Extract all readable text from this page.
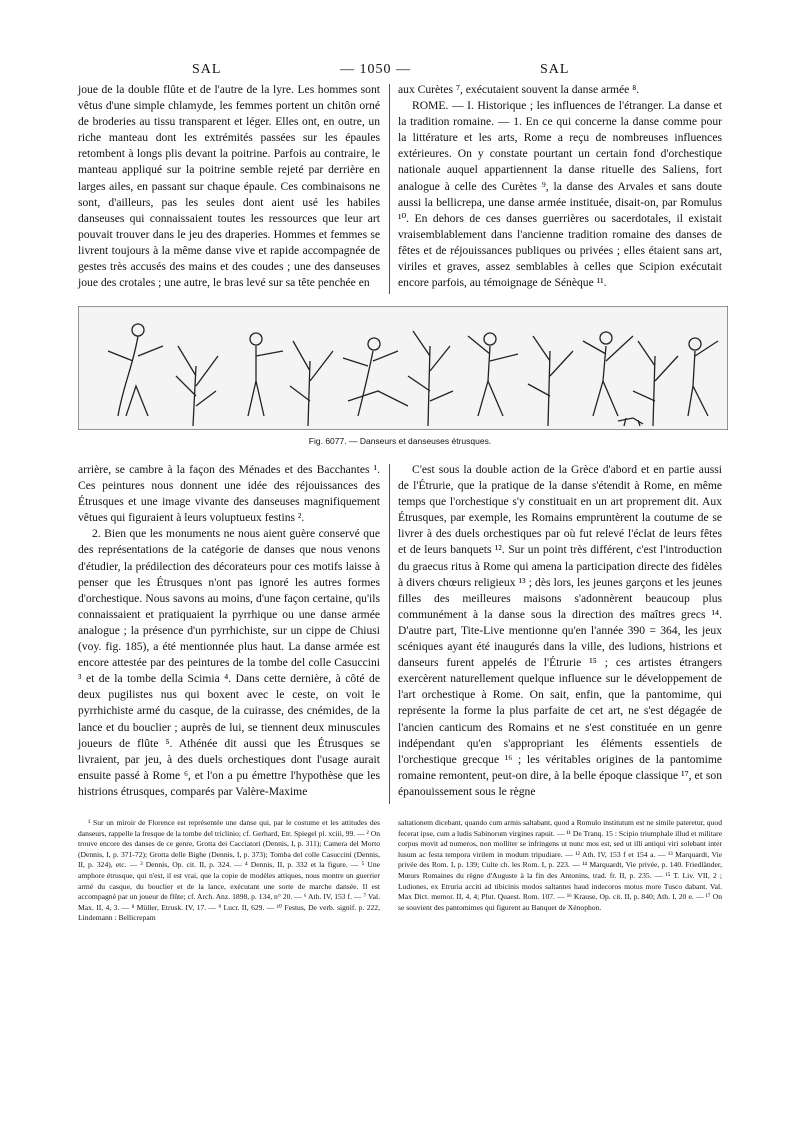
SAL	— 1050 —	SAL

joue de la double flûte et de l'autre de la lyre. Les hommes sont vêtus d'une simple chlamyde, les femmes portent un chitôn orné de broderies au tissu transparent et léger. Elles ont, en outre, un riche manteau dont les extrémités passées sur les épaules retombent à longs plis devant la poitrine. Parfois au contraire, le manteau appliqué sur la poitrine semble rejeté par derrière en larges ailes, en passant sur chaque épaule. Ces combinaisons ne sont, d'ailleurs, pas les seules dont aient usé les habiles danseuses qui connaissaient toutes les ressources que leur art pouvait trouver dans le jeu des draperies. Hommes et femmes se livrent toujours à la même danse vive et rapide accompagnée de gestes très accusés des mains et des coudes ; une des danseuses joue des crotales ; une autre, le bras levé sur sa tête penchée en

aux Curètes ⁷, exécutaient souvent la danse armée ⁸.

ROME. — I. Historique ; les influences de l'étranger. La danse et la tradition romaine. — 1. En ce qui concerne la danse comme pour la littérature et les arts, Rome a reçu de nombreuses influences extérieures. On y constate pourtant un certain fond d'orchestique nationale auquel appartiennent la danse rituelle des Saliens, fort analogue à celle des Curètes ⁹, la danse des Arvales et sans doute aussi la bellicrepa, une danse armée instituée, disait-on, par Romulus ¹⁰. En dehors de ces danses guerrières ou sacerdotales, il existait vraisemblablement dans l'ancienne tradition romaine des danses de fêtes et de réjouissances publiques ou privées ; elles étaient sans art, viriles et graves, assez semblables à celles que Scipion exécutait encore parfois, au témoignage de Sénèque ¹¹.

Fig. 6077. — Danseurs et danseuses étrusques.

arrière, se cambre à la façon des Ménades et des Bacchantes ¹. Ces peintures nous donnent une idée des réjouissances des Étrusques et une image vivante des danseuses magnifiquement vêtues qui figuraient à leurs voluptueux festins ².

2. Bien que les monuments ne nous aient guère conservé que des représentations de la catégorie de danses que nous venons d'étudier, la prédilection des décorateurs pour ces motifs laisse à penser que les Étrusques n'ont pas ignoré les autres formes d'orchestique. Nous savons au moins, d'une façon certaine, qu'ils connaissaient et pratiquaient la pyrrhique ou une danse armée analogue ; la présence d'un pyrrhichiste, sur un cippe de Chiusi (voy. fig. 185), a été mentionnée plus haut. La danse armée est encore attestée par des peintures de la tombe del colle Casuccini ³ et de la tombe della Scimia ⁴. Dans cette dernière, à côté de deux pugilistes nus qui boxent avec le ceste, on voit le pyrrhichiste armé du casque, de la cuirasse, des cnémides, de la lance et du bouclier ; auprès de lui, se tiennent deux minuscules joueurs de flûte ⁵. Athénée dit aussi que les Étrusques se livraient, par jeu, à des duels orchestiques dont l'usage aurait ensuite passé à Rome ⁶, et l'on a pu émettre l'hypothèse que les histrions étrusques, comparés par Valère-Maxime

C'est sous la double action de la Grèce d'abord et en partie aussi de l'Étrurie, que la pratique de la danse s'étendit à Rome, en même temps que l'orchestique s'y constituait en un art proprement dit. Aux Étrusques, par exemple, les Romains empruntèrent la coutume de se livrer à des duels orchestiques par où fut relevé l'éclat de leurs fêtes et de leurs banquets ¹². Sur un point très différent, c'est l'introduction du graecus ritus à Rome qui amena la participation directe des fidèles à divers chœurs religieux ¹³ ; dès lors, les jeunes garçons et les jeunes filles des meilleures maisons s'adonnèrent beaucoup plus communément à la danse sous la direction des maîtres grecs ¹⁴. D'autre part, Tite-Live mentionne qu'en l'année 390 = 364, les jeux scéniques ayant été inaugurés dans la ville, des ludions, histrions et danseurs furent appelés de l'Étrurie ¹⁵ ; ces artistes étrangers exercèrent naturellement quelque influence sur le développement de l'art orchestique à Rome. On sait, enfin, que la pantomime, qui représente la forme la plus parfaite de cet art, ne s'est dégagée de l'ancien canticum des Romains et ne s'est constituée en un genre indépendant qu'en s'appropriant les éléments essentiels de l'orchestique grecque ¹⁶ ; les véritables origines de la pantomime romaine remontent, peut-on dire, à la belle époque classique ¹⁷, et son épanouissement sous le règne

¹ Sur un miroir de Florence est représentée une danse qui, par le costume et les attitudes des danseurs, rappelle la fresque de la tombe del triclinio; cf. Gerhard, Etr. Spiegel pl. xciii, 99. — ² On trouve encore des danses de ce genre, Grotta dei Cacciatori (Dennis, I, p. 311); Camera del Morto (Dennis, I, p. 371-72); Grotta delle Bighe (Dennis, I, p. 373); Tomba del colle Casuccini (Dennis, II, p. 324), etc. — ³ Dennis, Op. cit. II, p. 324. — ⁴ Dennis, II, p. 332 et la figure. — ⁵ Une amphore étrusque, qui n'est, il est vrai, que la copie de modèles attiques, nous montre un guerrier armé du casque, du bouclier et de la lance, exécutant une sorte de marche dansée. Il est accompagné par un joueur de flûte; cf. Arch. Anz. 1898, p. 134, n° 20. — ⁶ Ath. IV, 153 f. — ⁷ Val. Max. II, 4, 3. — ⁸ Müller, Etrusk. IV, 17. — ⁹ Lucr. II, 629. — ¹⁰ Festus, De verb. signif. p. 222, Lindemann : Bellicrepam

saltationem dicebant, quando cum armis saltabant, quod a Romulo institutum est ne simile pateretur, quod fecerat ipse, cum a ludis Sabinorum virgines rapuit. — ¹¹ De Tranq. 15 : Scipio triumphale illud et militare corpus movit ad numeros, non molliter se infringens ut nunc mos est, sed ut illi antiqui viri solebant inter lusum ac festa tempora virilem in modum tripudiare. — ¹² Ath. IV, 153 f et 154 a. — ¹³ Marquardt, Vie privée des Rom. I, p. 139; Culte ch. les Rom. I, p. 223. — ¹⁴ Marquardt, Vie privée, p. 140. Friedländer, Mœurs Romaines du règne d'Auguste à la fin des Antonins, trad. fr. II, p. 235. — ¹⁵ T. Liv. VII, 2 ; Ludiones, ex Etruria acciti ad tibicinis modos saltantes haud indecoros motus more Tusco dabant. Val. Max Dict. memor. II, 4, 4; Plut. Quaest. Rom. 107. — ¹⁶ Krause, Op. cit. II, p. 840; Ath. I, 20 e. — ¹⁷ On se souvient des pantomimes qui figurent au Banquet de Xénophon.
